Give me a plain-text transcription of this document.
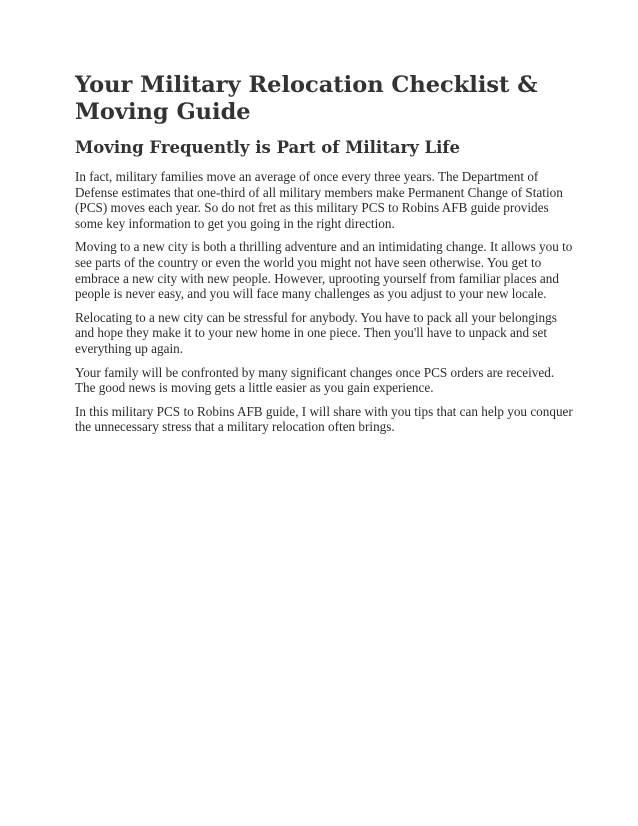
Your Military Relocation Checklist & Moving Guide
Moving Frequently is Part of Military Life

In fact, military families move an average of once every three years. The Department of Defense estimates that one-third of all military members make Permanent Change of Station (PCS) moves each year. So do not fret as this military PCS to Robins AFB guide provides some key information to get you going in the right direction.

Moving to a new city is both a thrilling adventure and an intimidating change. It allows you to see parts of the country or even the world you might not have seen otherwise. You get to embrace a new city with new people. However, uprooting yourself from familiar places and people is never easy, and you will face many challenges as you adjust to your new locale.

Relocating to a new city can be stressful for anybody. You have to pack all your belongings and hope they make it to your new home in one piece. Then you'll have to unpack and set everything up again.

Your family will be confronted by many significant changes once PCS orders are received. The good news is moving gets a little easier as you gain experience.

In this military PCS to Robins AFB guide, I will share with you tips that can help you conquer the unnecessary stress that a military relocation often brings.
